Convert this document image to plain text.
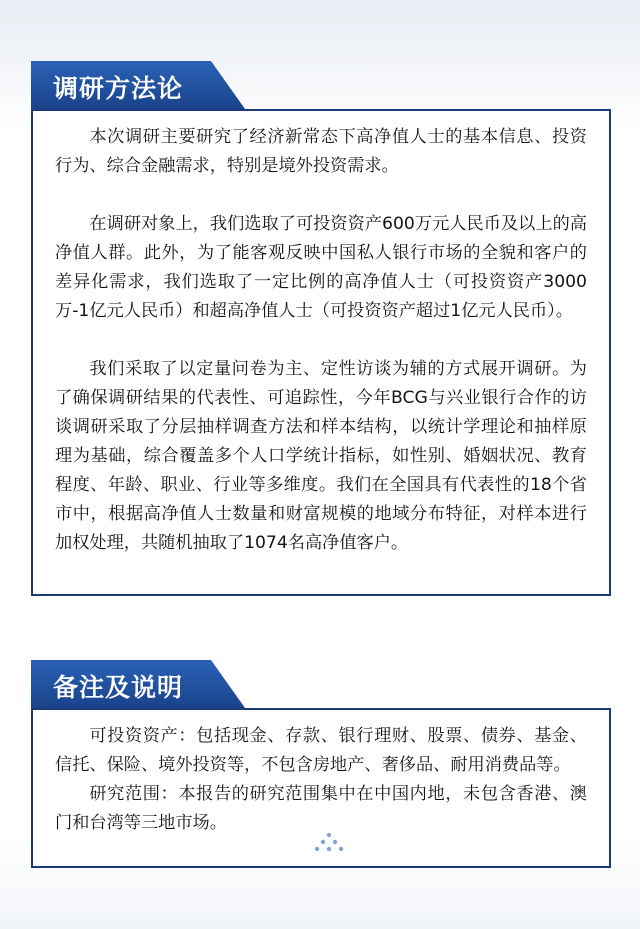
调研方法论

本次调研主要研究了经济新常态下高净值人士的基本信息、投资行为、综合金融需求，特别是境外投资需求。

在调研对象上，我们选取了可投资资产600万元人民币及以上的高净值人群。此外，为了能客观反映中国私人银行市场的全貌和客户的差异化需求，我们选取了一定比例的高净值人士（可投资资产3000万-1亿元人民币）和超高净值人士（可投资资产超过1亿元人民币）。

我们采取了以定量问卷为主、定性访谈为辅的方式展开调研。为了确保调研结果的代表性、可追踪性，今年BCG与兴业银行合作的访谈调研采取了分层抽样调查方法和样本结构，以统计学理论和抽样原理为基础，综合覆盖多个人口学统计指标，如性别、婚姻状况、教育程度、年龄、职业、行业等多维度。我们在全国具有代表性的18个省市中，根据高净值人士数量和财富规模的地域分布特征，对样本进行加权处理，共随机抽取了1074名高净值客户。

备注及说明

可投资资产：包括现金、存款、银行理财、股票、债券、基金、信托、保险、境外投资等，不包含房地产、奢侈品、耐用消费品等。

研究范围：本报告的研究范围集中在中国内地，未包含香港、澳门和台湾等三地市场。
